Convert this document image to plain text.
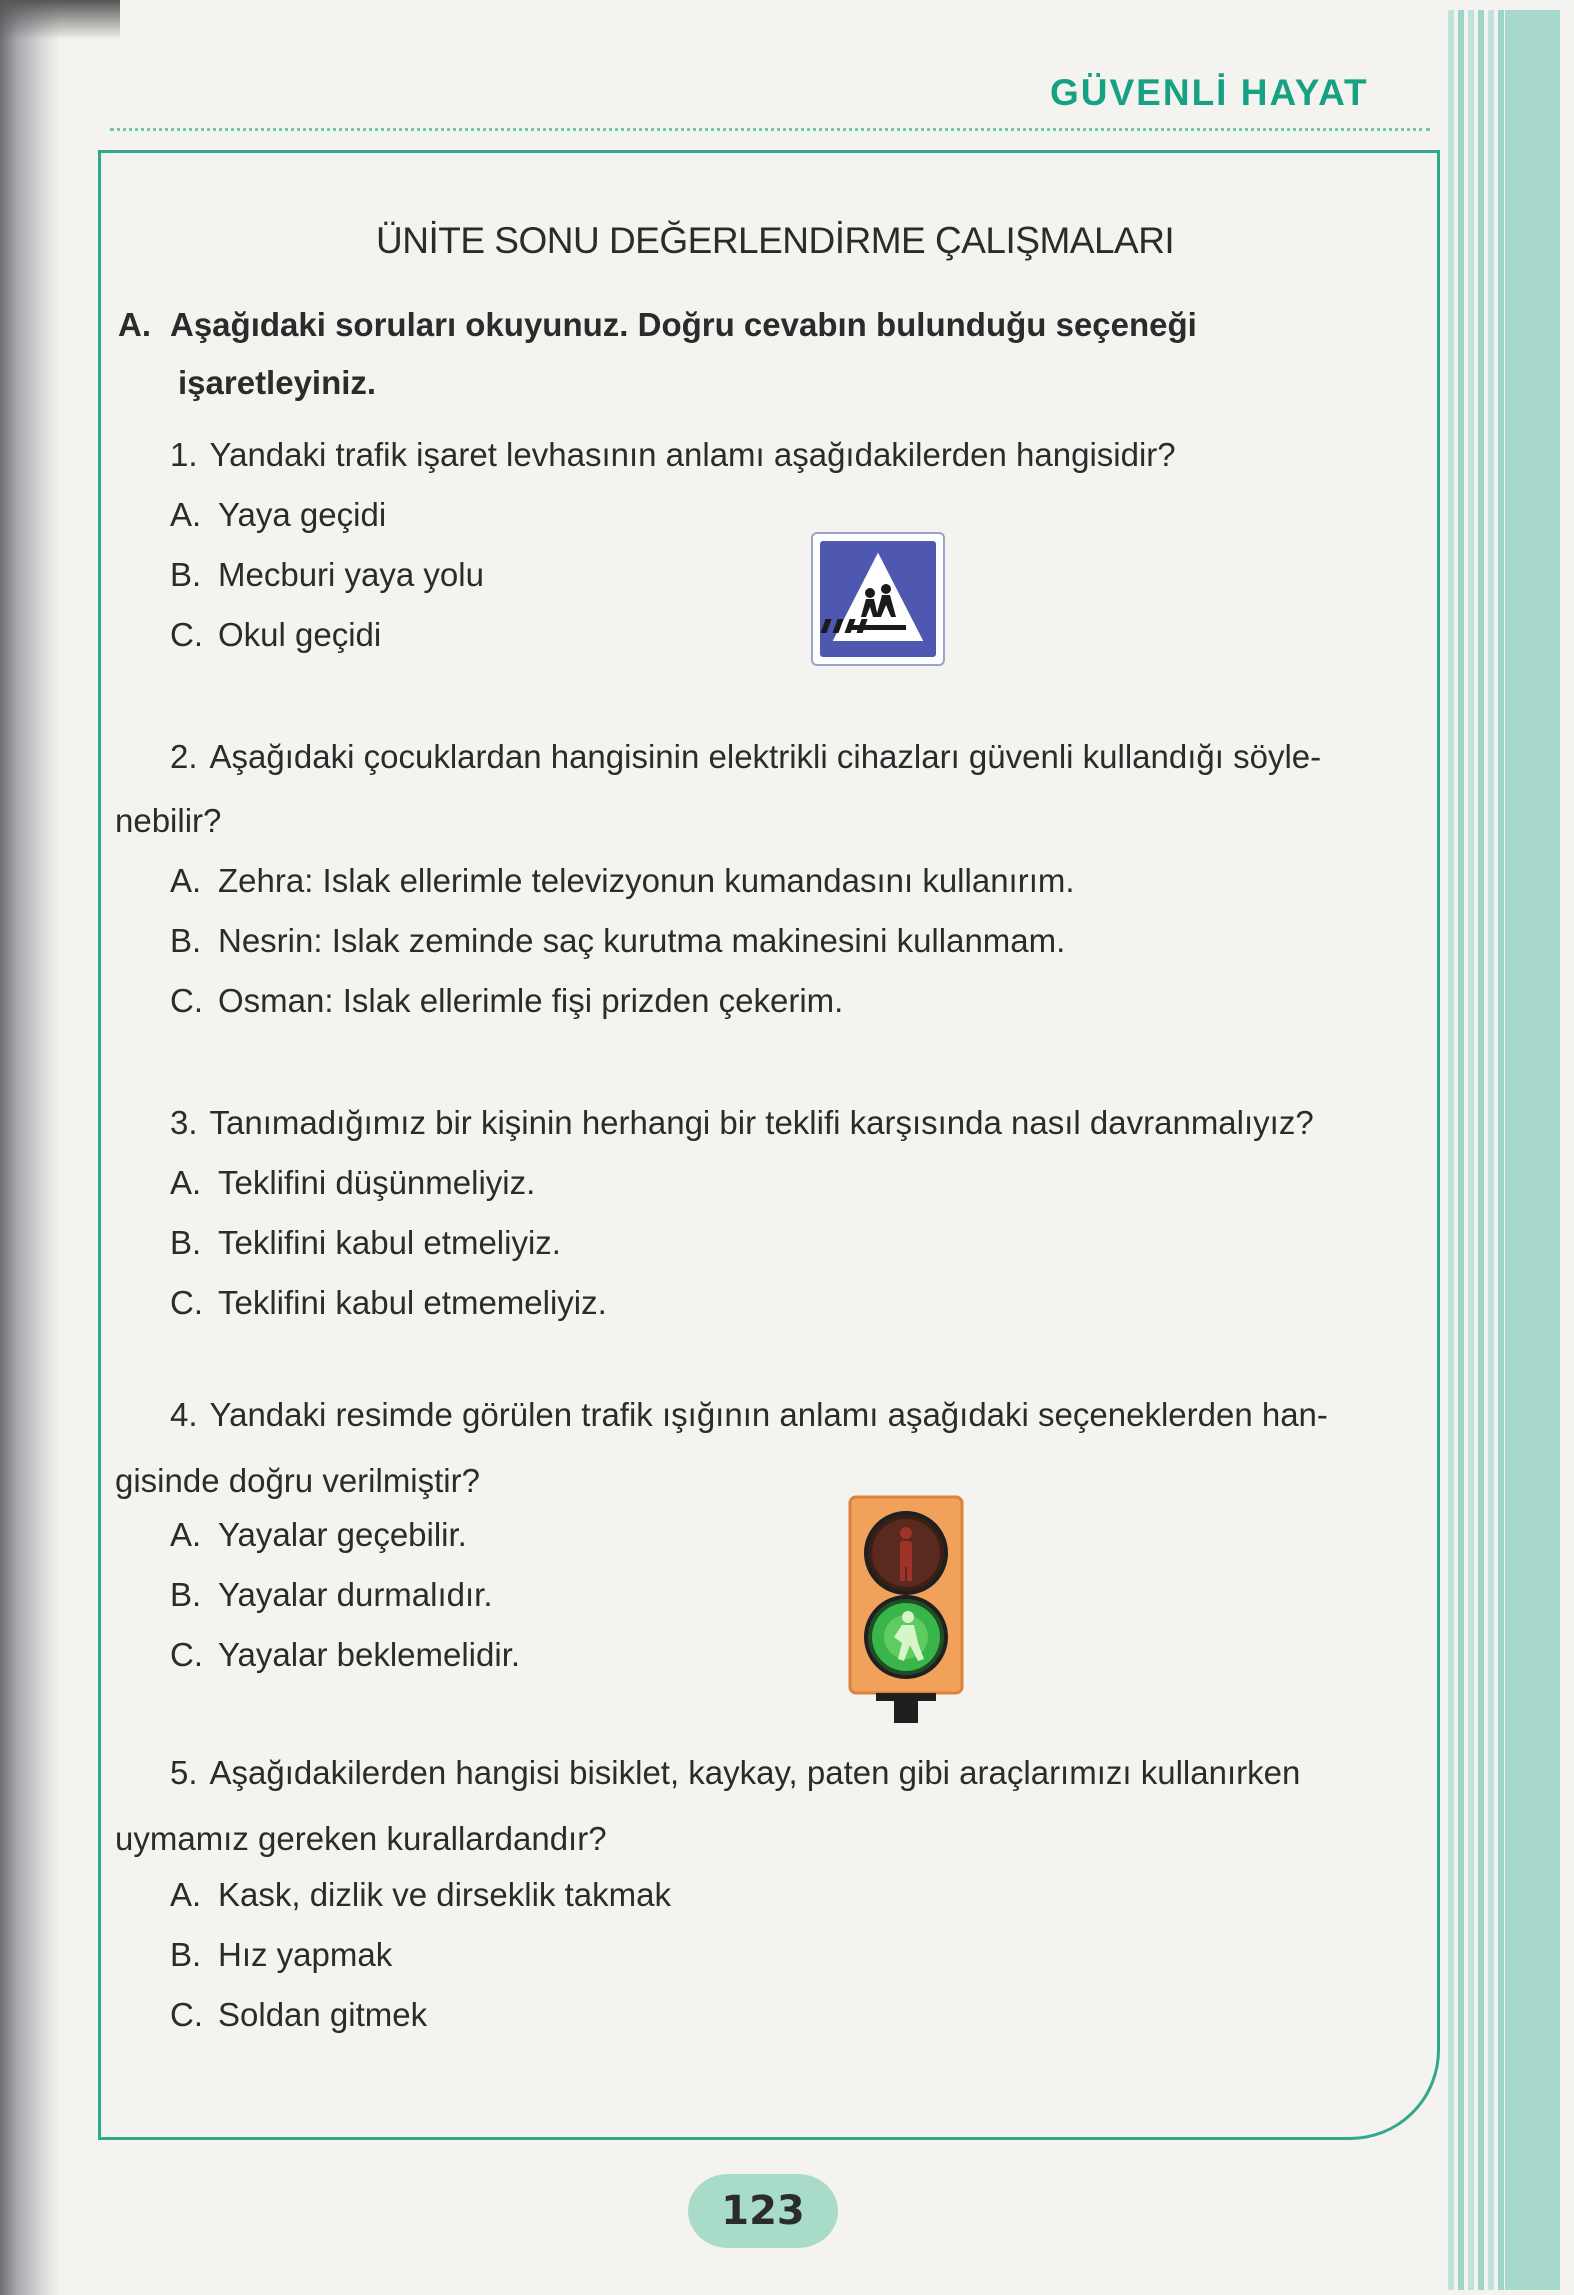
GÜVENLİ HAYAT
ÜNİTE SONU DEĞERLENDİRME ÇALIŞMALARI
A. Aşağıdaki soruları okuyunuz. Doğru cevabın bulunduğu seçeneği
işaretleyiniz.
1. Yandaki trafik işaret levhasının anlamı aşağıdakilerden hangisidir?
A. Yaya geçidi
B. Mecburi yaya yolu
C. Okul geçidi
2. Aşağıdaki çocuklardan hangisinin elektrikli cihazları güvenli kullandığı söyle-
nebilir?
A. Zehra: Islak ellerimle televizyonun kumandasını kullanırım.
B. Nesrin: Islak zeminde saç kurutma makinesini kullanmam.
C. Osman: Islak ellerimle fişi prizden çekerim.
3. Tanımadığımız bir kişinin herhangi bir teklifi karşısında nasıl davranmalıyız?
A. Teklifini düşünmeliyiz.
B. Teklifini kabul etmeliyiz.
C. Teklifini kabul etmemeliyiz.
4. Yandaki resimde görülen trafik ışığının anlamı aşağıdaki seçeneklerden han-
gisinde doğru verilmiştir?
A. Yayalar geçebilir.
B. Yayalar durmalıdır.
C. Yayalar beklemelidir.
5. Aşağıdakilerden hangisi bisiklet, kaykay, paten gibi araçlarımızı kullanırken
uymamız gereken kurallardandır?
A. Kask, dizlik ve dirseklik takmak
B. Hız yapmak
C. Soldan gitmek
123
